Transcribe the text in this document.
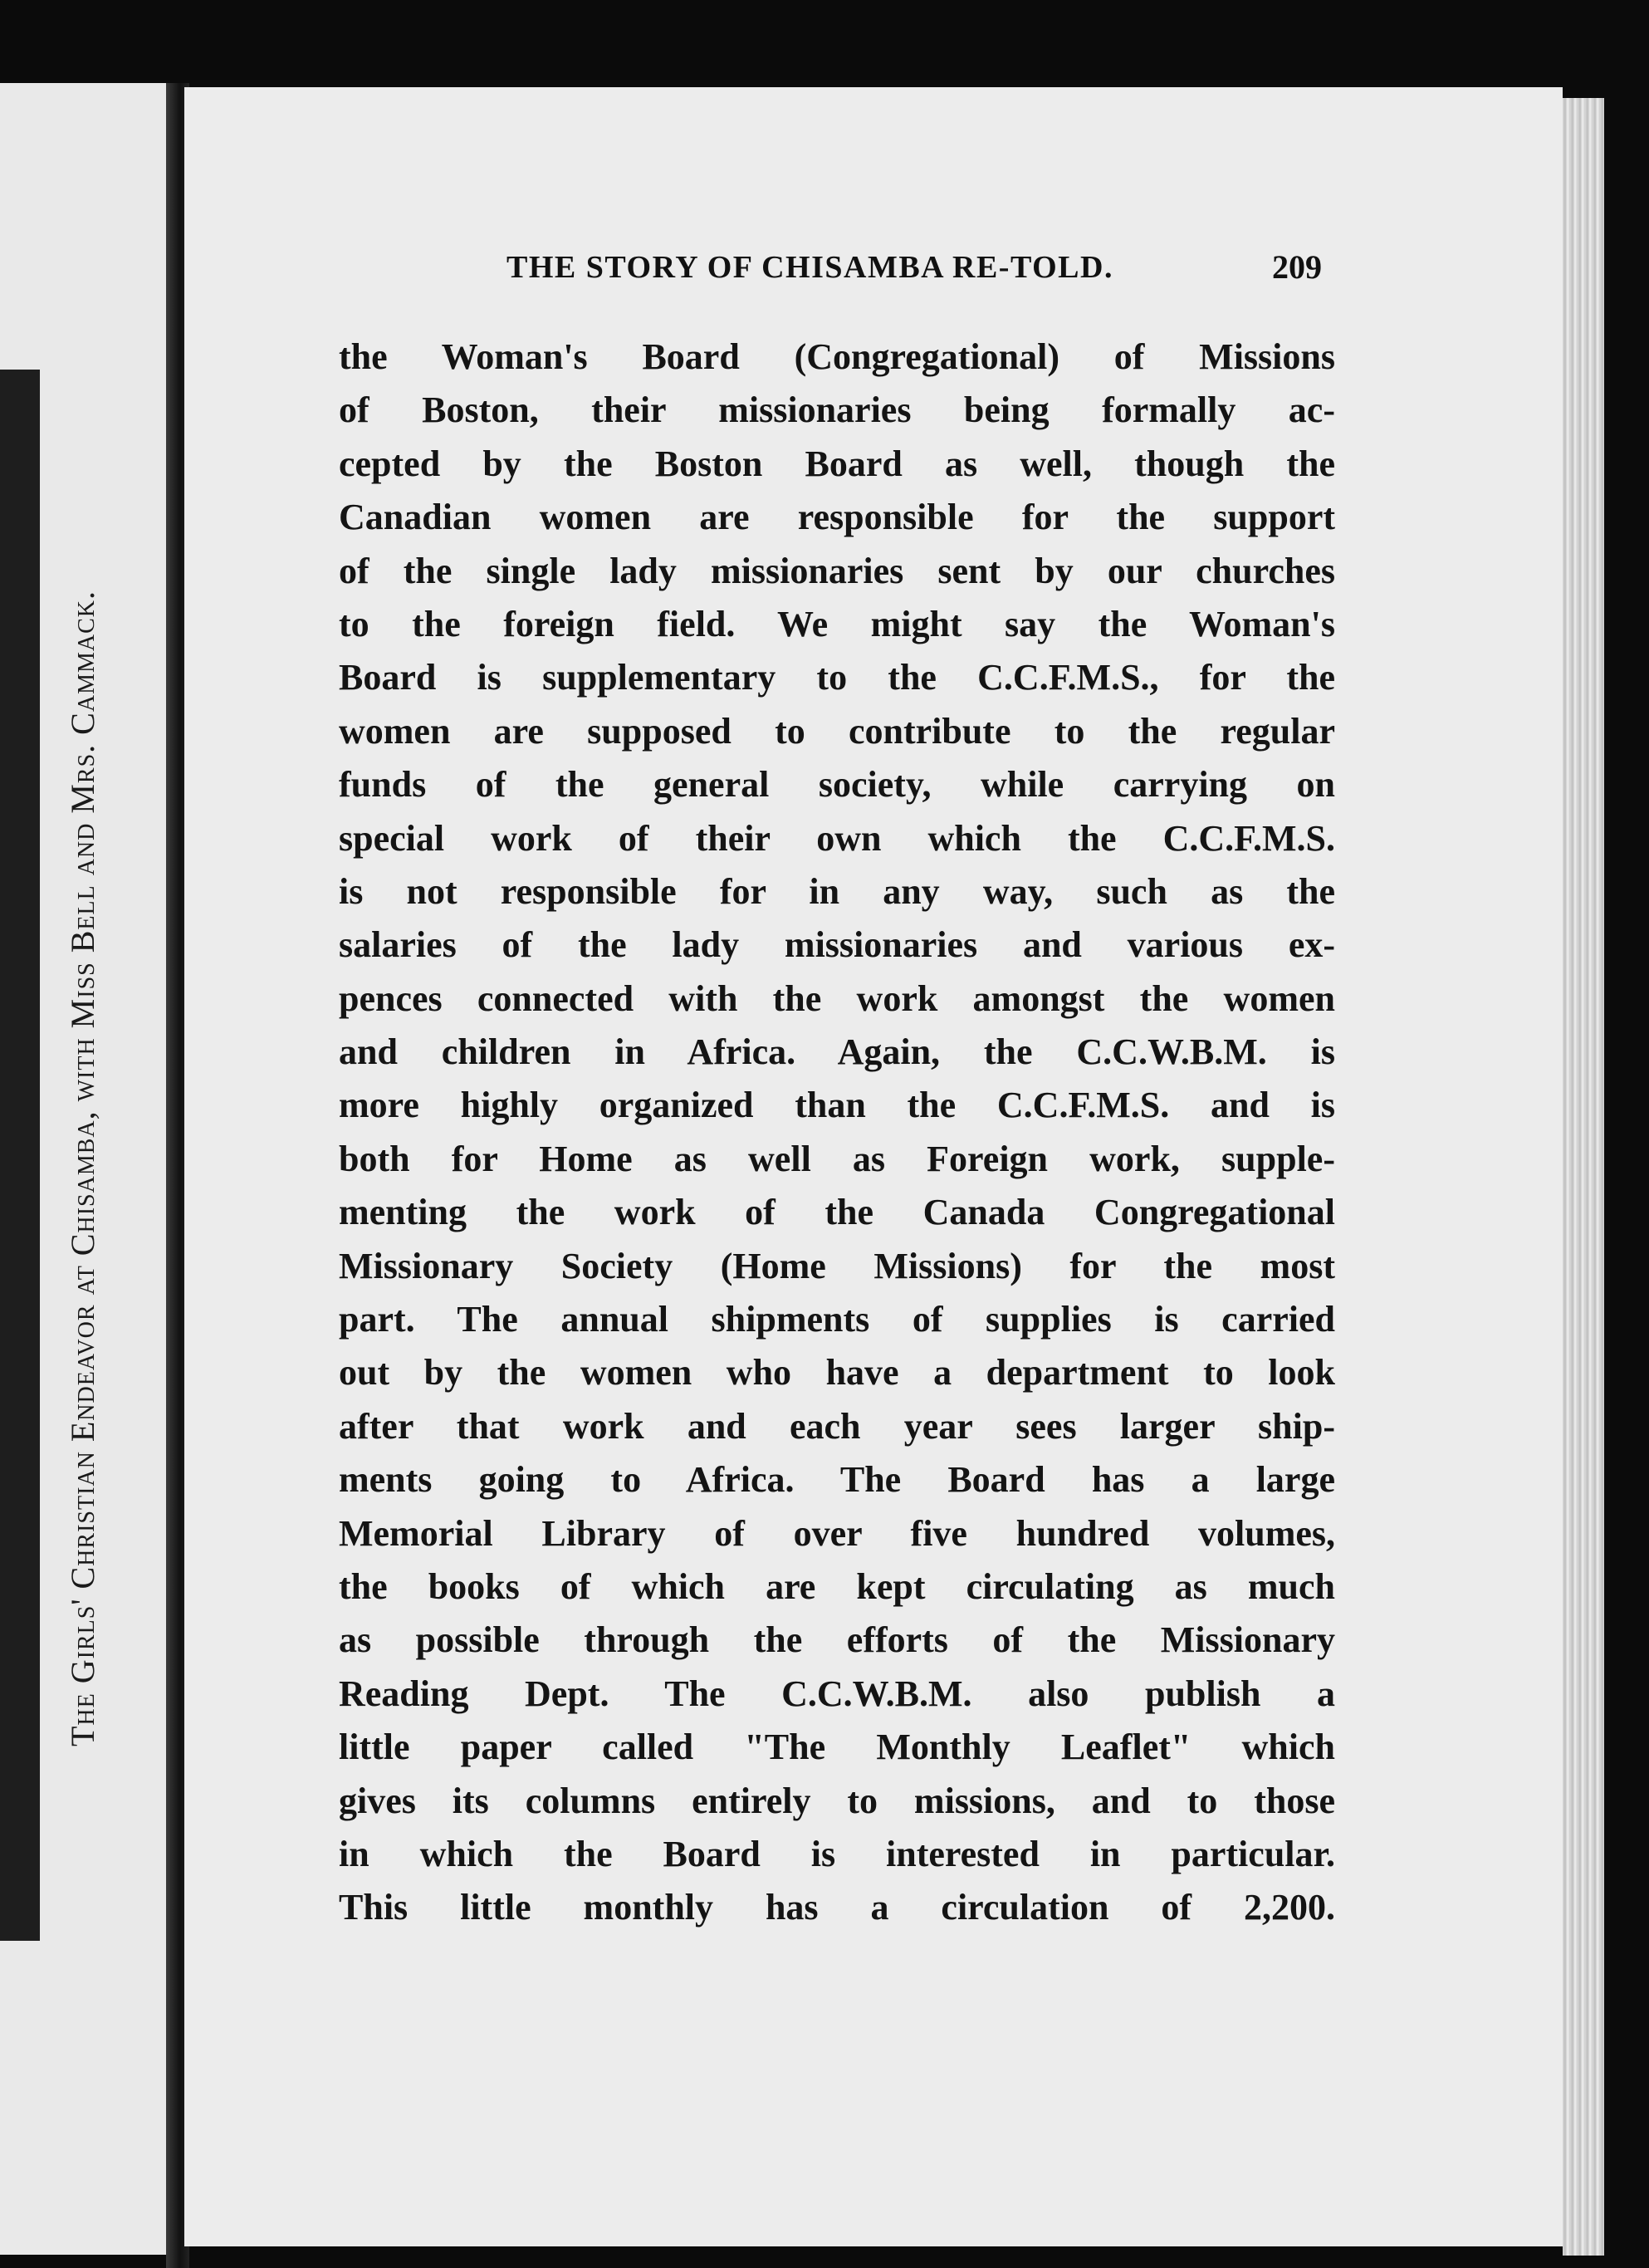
The Girls' Christian Endeavor at Chisamba, with Miss Bell and Mrs. Cammack.
THE STORY OF CHISAMBA RE-TOLD.	209
the Woman's Board (Congregational) of Missions
of Boston, their missionaries being formally ac-
cepted by the Boston Board as well, though the
Canadian women are responsible for the support
of the single lady missionaries sent by our churches
to the foreign field. We might say the Woman's
Board is supplementary to the C.C.F.M.S., for the
women are supposed to contribute to the regular
funds of the general society, while carrying on
special work of their own which the C.C.F.M.S.
is not responsible for in any way, such as the
salaries of the lady missionaries and various ex-
pences connected with the work amongst the women
and children in Africa. Again, the C.C.W.B.M. is
more highly organized than the C.C.F.M.S. and is
both for Home as well as Foreign work, supple-
menting the work of the Canada Congregational
Missionary Society (Home Missions) for the most
part. The annual shipments of supplies is carried
out by the women who have a department to look
after that work and each year sees larger ship-
ments going to Africa. The Board has a large
Memorial Library of over five hundred volumes,
the books of which are kept circulating as much
as possible through the efforts of the Missionary
Reading Dept. The C.C.W.B.M. also publish a
little paper called "The Monthly Leaflet" which
gives its columns entirely to missions, and to those
in which the Board is interested in particular.
This little monthly has a circulation of 2,200.
